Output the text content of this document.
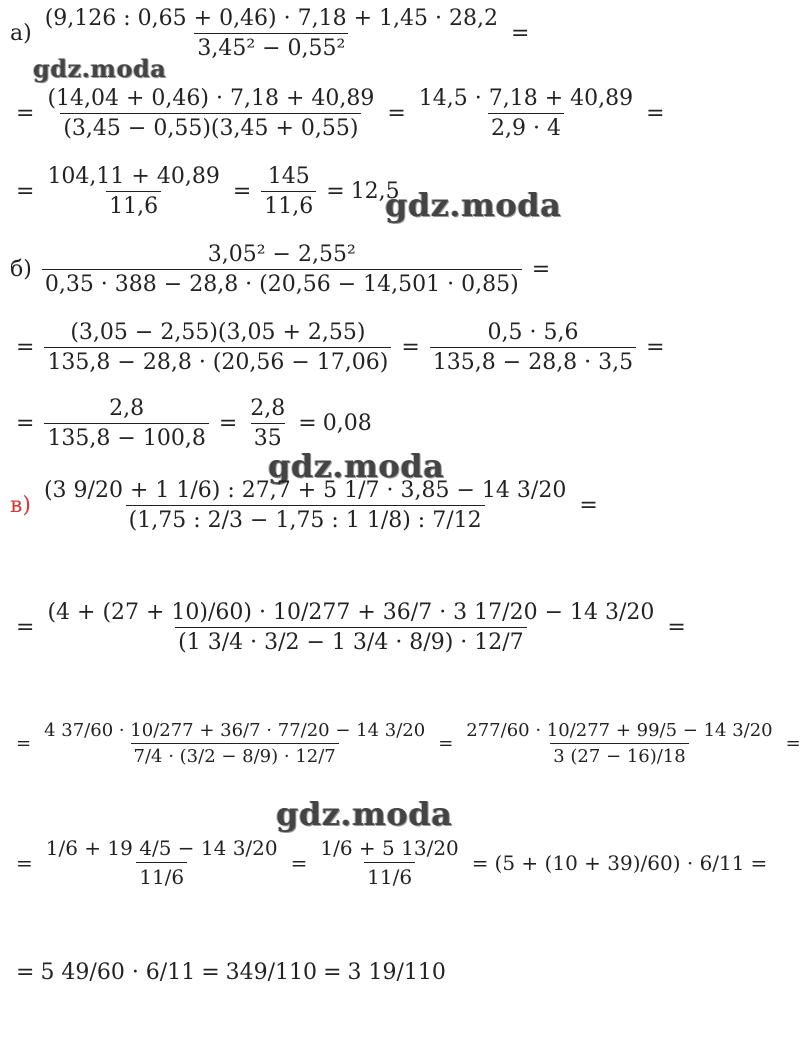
gdz.moda
gdz.moda
gdz.moda
gdz.moda
$а) \frac{(9,126 : 0,65 + 0,46) \cdot 7,18 + 1,45 \cdot 28,2}{\text{3,45² − 0,55²}}$ =
= $\frac{(14,04 + 0,46) \cdot 7,18 + 40,89}{(3,45 - 0,55)(3,45 + 0,55)} = \frac{14,5 \cdot 7,18 + 40,89}{2,9 \cdot 4}$ =
= $\frac{104,11 + 40,89}{11,6} = \frac{145}{11,6} = 12,5$
$б) \frac{\text{3,05² − 2,55²}}{0,35 \cdot 388 - 28,8 \cdot (20,56 - 14,501 \cdot 0,85)}$ =
= $\frac{(3,05 - 2,55)(3,05 + 2,55)}{135,8 - 28,8 \cdot (20,56 - 17,06)} = \frac{0,5 \cdot 5,6}{135,8 - 28,8 \cdot 3,5}$ =
= $\frac{2,8}{135,8 - 100,8} = \frac{2,8}{35} = 0,08$
$в) \frac{(3 9/20 + 1 1/6) : 27,7 + 5 1/7 \cdot 3,85 - 14 3/20}{(1,75 : 2/3 - 1,75 : 1 1/8) : 7/12}$ =
= $\frac{(4 + (27 + 10)/60) \cdot 10/277 + 36/7 \cdot 3 17/20 - 14 3/20}{(1 3/4 \cdot 3/2 - 1 3/4 \cdot 8/9) \cdot 12/7}$ =
= $\frac{4 37/60 \cdot 10/277 + 36/7 \cdot 77/20 - 14 3/20}{7/4 \cdot (3/2 - 8/9) \cdot 12/7} = \frac{277/60 \cdot 10/277 + 99/5 - 14 3/20}{3 (27 - 16)/18}$ =
= $\frac{1/6 + 19 4/5 - 14 3/20}{11/6} = \frac{1/6 + 5 13/20}{11/6} = (5 + (10 + 39)/60) \cdot 6/11$ =
= 5 49/60 · 6/11 = 349/110 = 3 19/110
